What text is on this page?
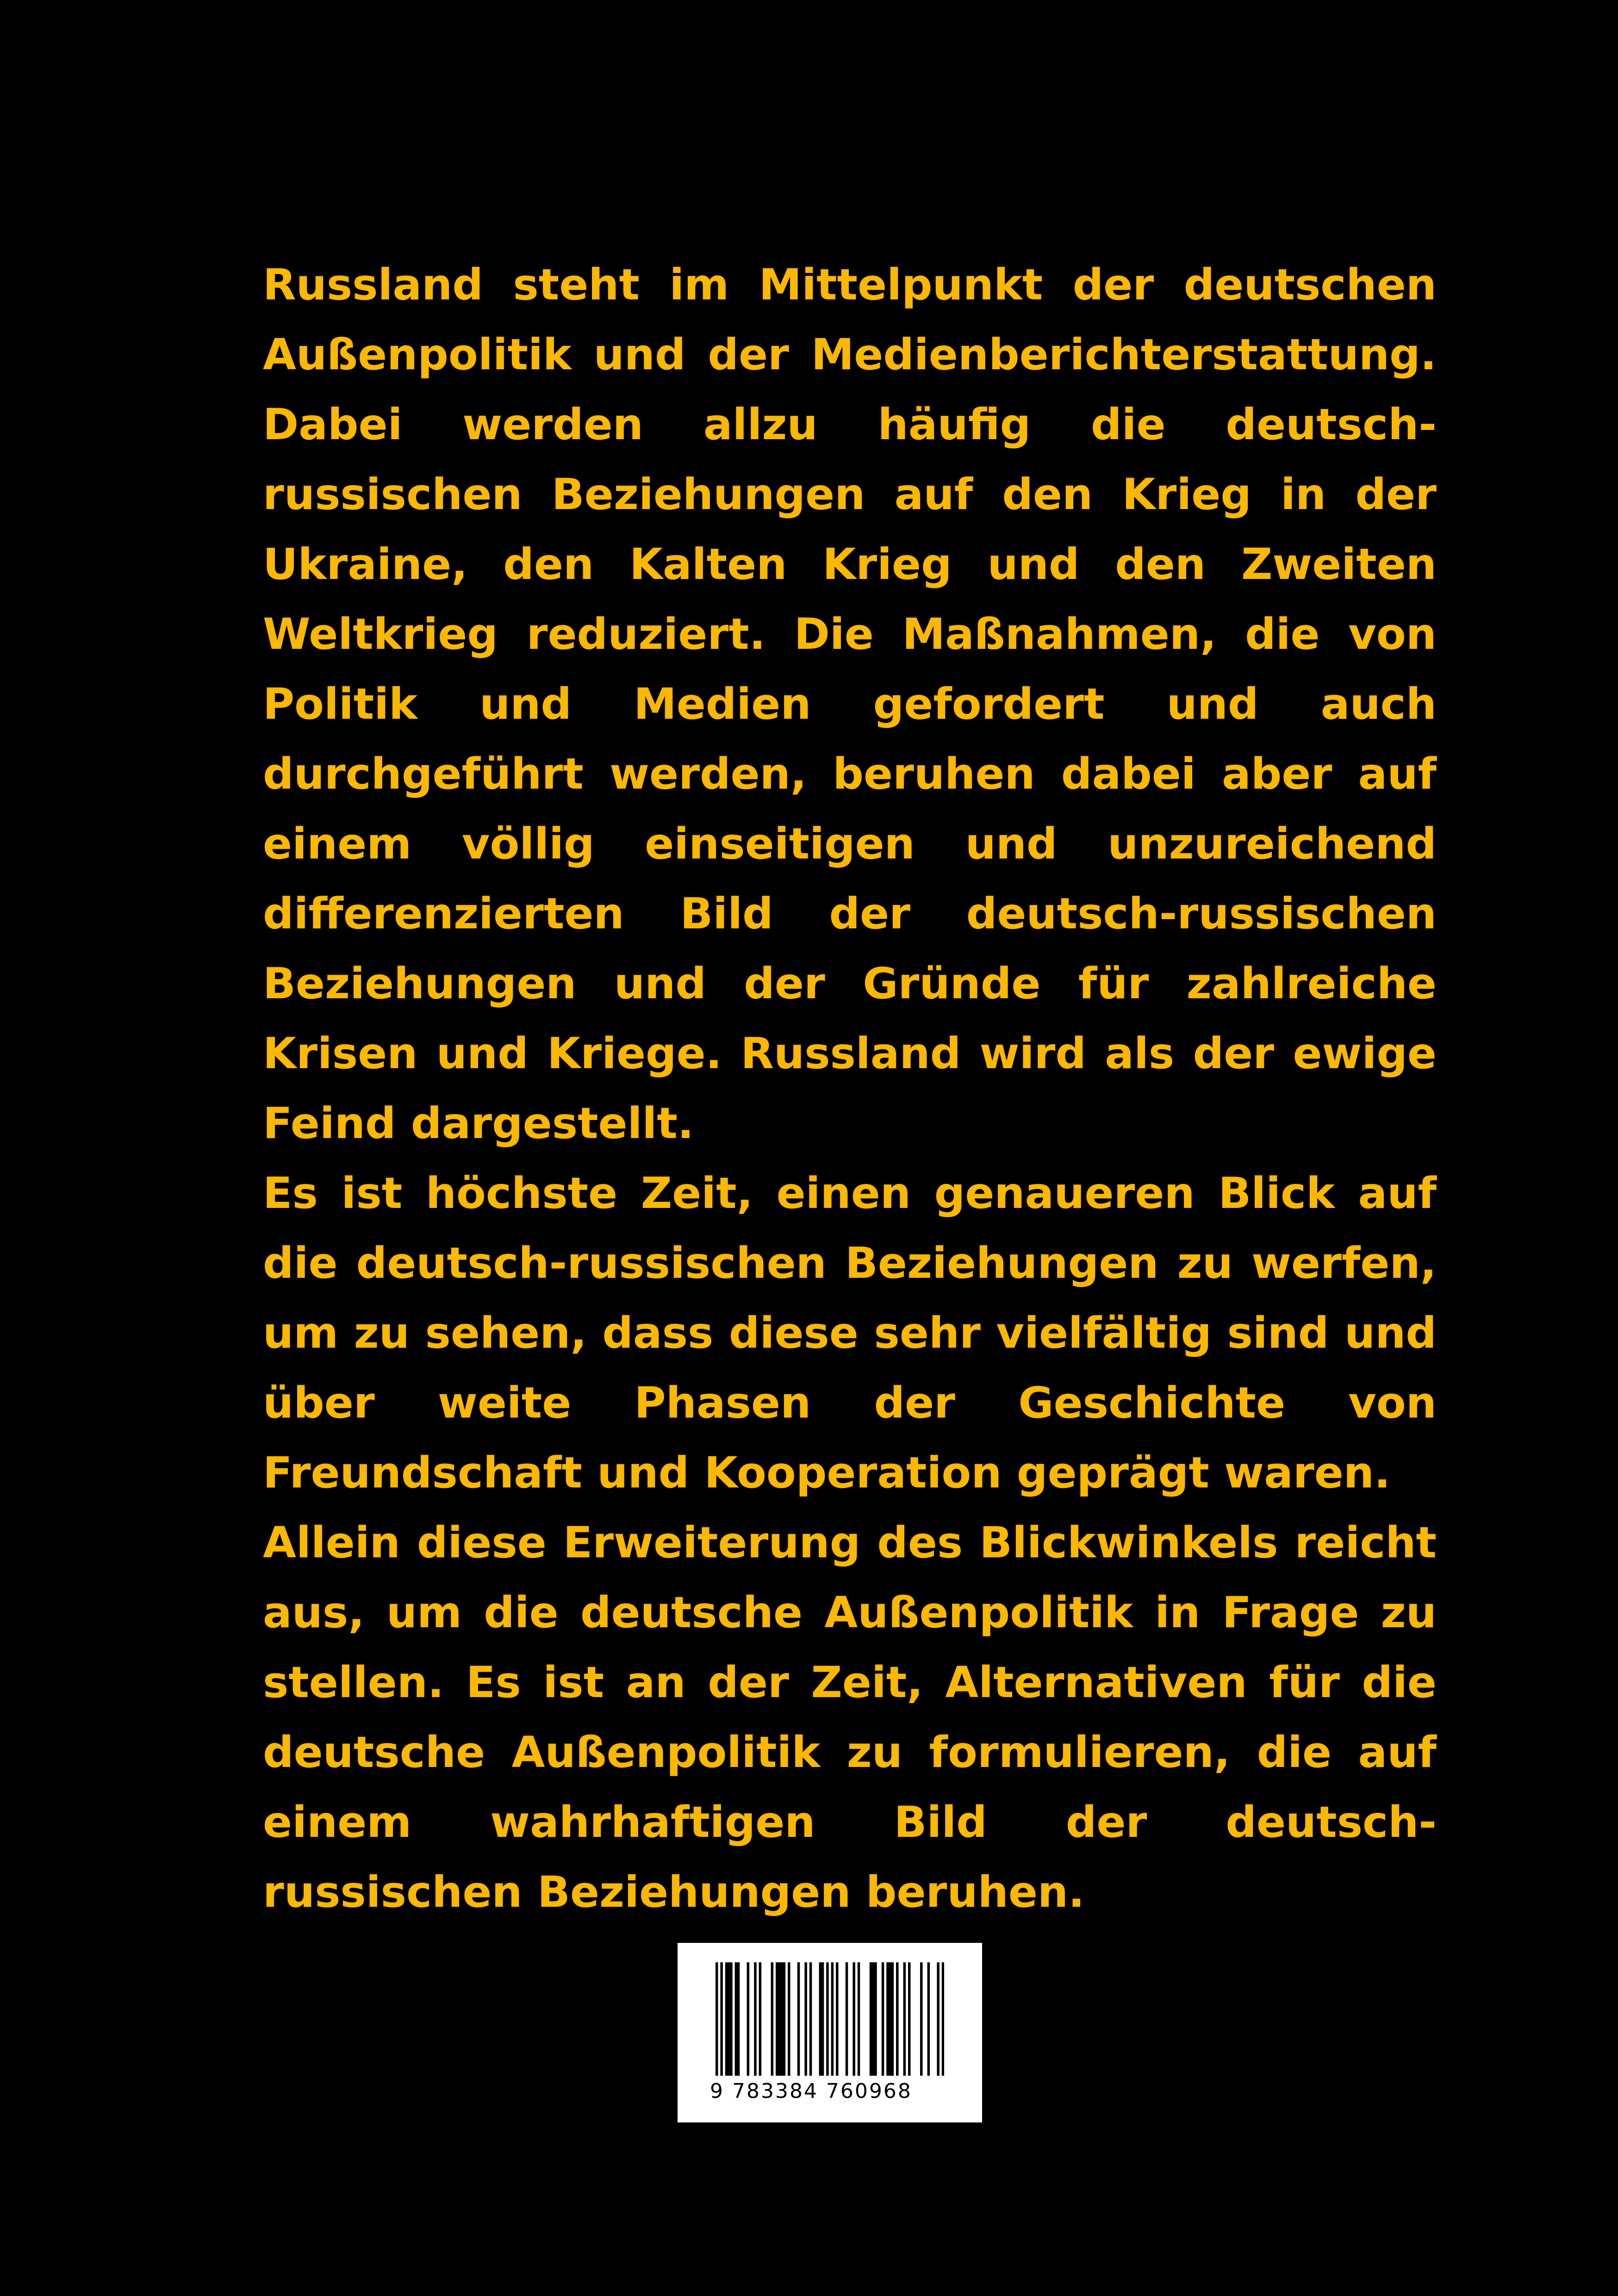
Russland steht im Mittelpunkt der deutschen Außenpolitik und der Medienberichterstattung. Dabei werden allzu häufig die deutsch-russischen Beziehungen auf den Krieg in der Ukraine, den Kalten Krieg und den Zweiten Weltkrieg reduziert. Die Maßnahmen, die von Politik und Medien gefordert und auch durchgeführt werden, beruhen dabei aber auf einem völlig einseitigen und unzureichend differenzierten Bild der deutsch-russischen Beziehungen und der Gründe für zahlreiche Krisen und Kriege. Russland wird als der ewige Feind dargestellt.

Es ist höchste Zeit, einen genaueren Blick auf die deutsch-russischen Beziehungen zu werfen, um zu sehen, dass diese sehr vielfältig sind und über weite Phasen der Geschichte von Freundschaft und Kooperation geprägt waren.

Allein diese Erweiterung des Blickwinkels reicht aus, um die deutsche Außenpolitik in Frage zu stellen. Es ist an der Zeit, Alternativen für die deutsche Außenpolitik zu formulieren, die auf einem wahrhaftigen Bild der deutsch-russischen Beziehungen beruhen.

9 783384 760968
